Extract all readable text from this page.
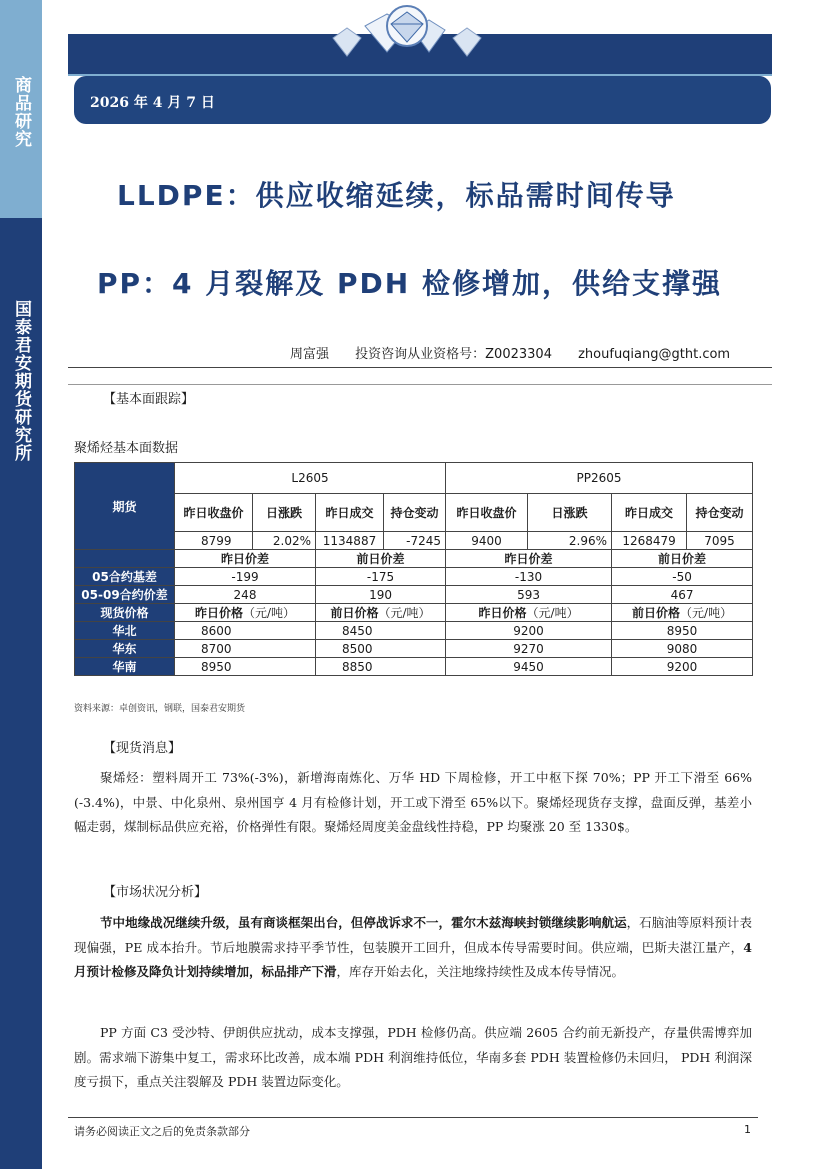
商品研究
国泰君安期货研究所
2026 年 4 月 7 日
LLDPE：供应收缩延续，标品需时间传导
PP：4 月裂解及 PDH 检修增加，供给支撑强
周富强 投资咨询从业资格号：Z0023304 zhoufuqiang@gtht.com
【基本面跟踪】
聚烯烃基本面数据
期货	L2605				PP2605			
	昨日收盘价	日涨跌	昨日成交	持仓变动	昨日收盘价	日涨跌	昨日成交	持仓变动
	8799	2.02%	1134887	-7245	9400	2.96%	1268479	7095
	昨日价差		前日价差		昨日价差		前日价差	
05合约基差	-199		-175		-130		-50	
05-09合约价差	248		190		593		467	
现货价格	昨日价格（元/吨）		前日价格（元/吨）		昨日价格（元/吨）		前日价格（元/吨）	
华北	8600		8450		9200		8950	
华东	8700		8500		9270		9080	
华南	8950		8850		9450		9200	
资料来源：卓创资讯，钢联，国泰君安期货
【现货消息】

聚烯烃：塑料周开工 73%(-3%)，新增海南炼化、万华 HD 下周检修，开工中枢下探 70%；PP 开工下滑至 66%(-3.4%)，中景、中化泉州、泉州国亨 4 月有检修计划，开工或下滑至 65%以下。聚烯烃现货存支撑，盘面反弹，基差小幅走弱，煤制标品供应充裕，价格弹性有限。聚烯烃周度美金盘线性持稳，PP 均聚涨 20 至 1330$。

【市场状况分析】

节中地缘战况继续升级，虽有商谈框架出台，但停战诉求不一，霍尔木兹海峡封锁继续影响航运，石脑油等原料预计表现偏强，PE 成本抬升。节后地膜需求持平季节性，包装膜开工回升，但成本传导需要时间。供应端，巴斯夫湛江量产，4 月预计检修及降负计划持续增加，标品排产下滑，库存开始去化，关注地缘持续性及成本传导情况。

PP 方面 C3 受沙特、伊朗供应扰动，成本支撑强，PDH 检修仍高。供应端 2605 合约前无新投产，存量供需博弈加剧。需求端下游集中复工，需求环比改善，成本端 PDH 利润维持低位，华南多套 PDH 装置检修仍未回归， PDH 利润深度亏损下，重点关注裂解及 PDH 装置边际变化。

请务必阅读正文之后的免责条款部分	1
